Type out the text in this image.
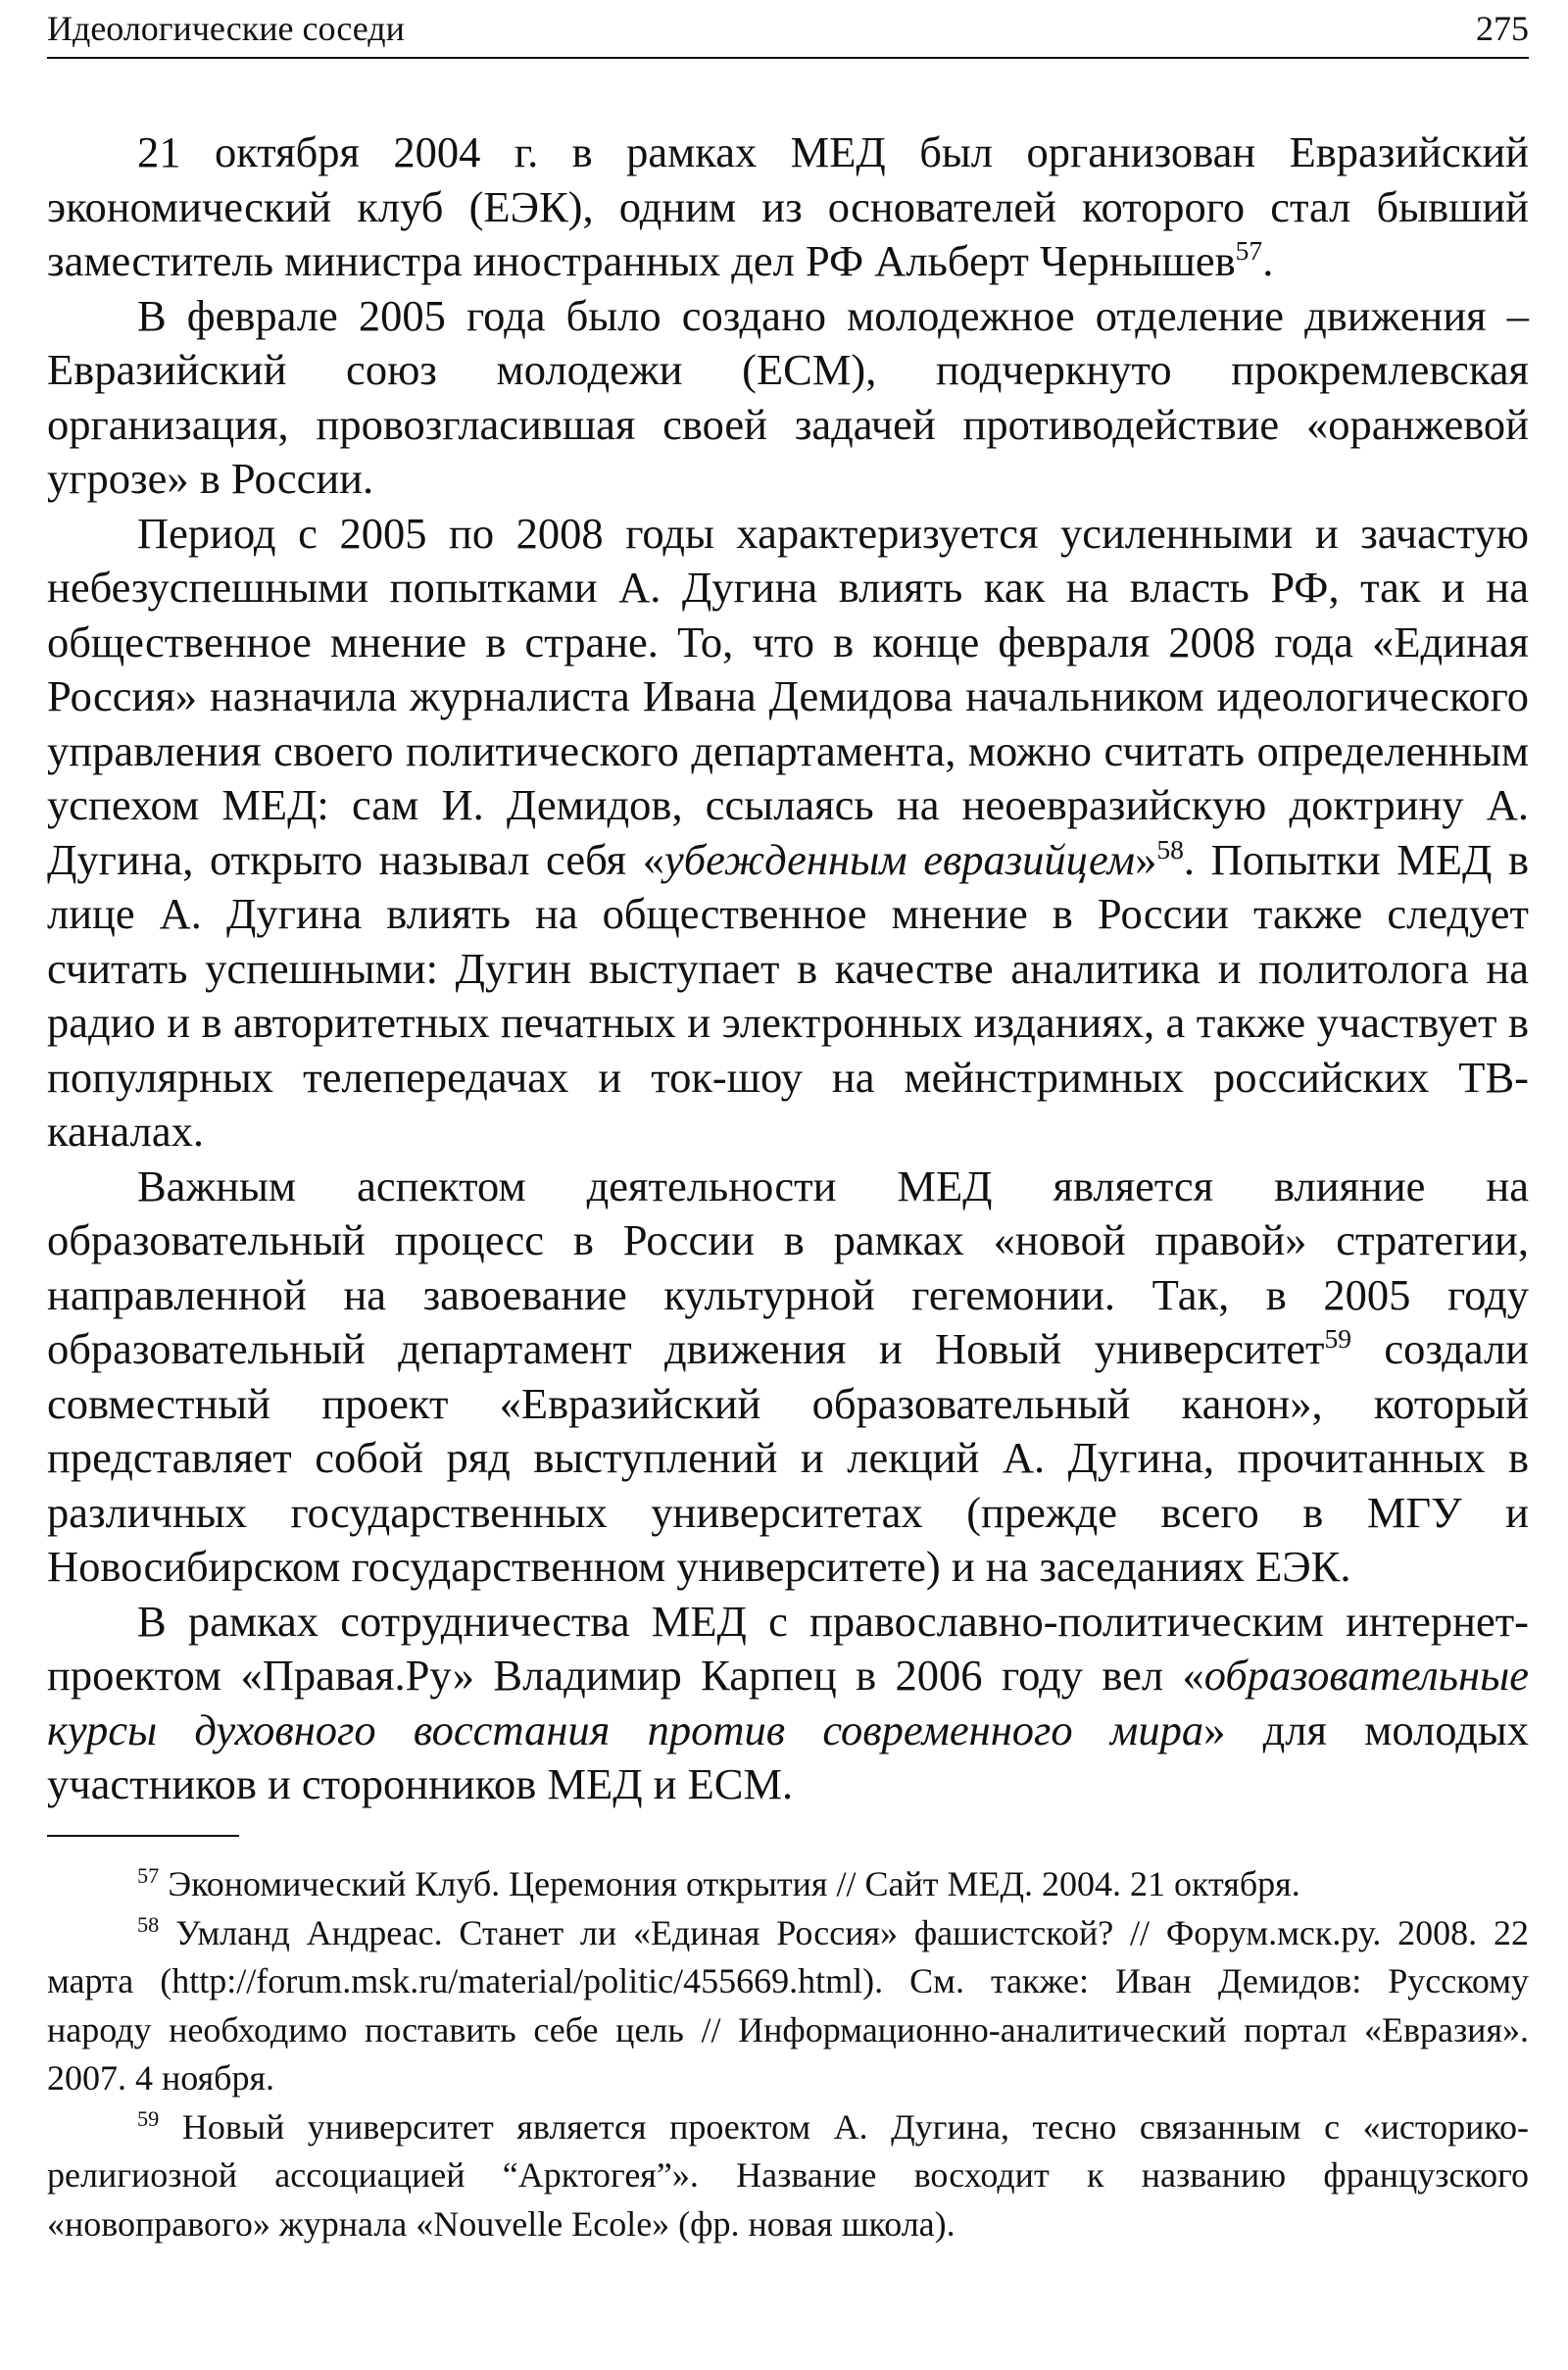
Идеологические соседи	275

21 октября 2004 г. в рамках МЕД был организован Евразийский экономический клуб (ЕЭК), одним из основателей которого стал бывший заместитель министра иностранных дел РФ Альберт Чернышев$^{57}$.

В феврале 2005 года было создано молодежное отделение движения – Евразийский союз молодежи (ЕСМ), подчеркнуто прокремлевская организация, провозгласившая своей задачей противодействие «оранжевой угрозе» в России.

Период с 2005 по 2008 годы характеризуется усиленными и зачастую небезуспешными попытками А. Дугина влиять как на власть РФ, так и на общественное мнение в стране. То, что в конце февраля 2008 года «Единая Россия» назначила журналиста Ивана Демидова начальником идеологического управления своего политического департамента, можно считать определенным успехом МЕД: сам И. Демидов, ссылаясь на неоевразийскую доктрину А. Дугина, открыто называл себя «убежденным евразийцем»$^{58}$. Попытки МЕД в лице А. Дугина влиять на общественное мнение в России также следует считать успешными: Дугин выступает в качестве аналитика и политолога на радио и в авторитетных печатных и электронных изданиях, а также участвует в популярных телепередачах и ток-шоу на мейнстримных российских ТВ-каналах.

Важным аспектом деятельности МЕД является влияние на образовательный процесс в России в рамках «новой правой» стратегии, направленной на завоевание культурной гегемонии. Так, в 2005 году образовательный департамент движения и Новый университет$^{59}$ создали совместный проект «Евразийский образовательный канон», который представляет собой ряд выступлений и лекций А. Дугина, прочитанных в различных государственных университетах (прежде всего в МГУ и Новосибирском государственном университете) и на заседаниях ЕЭК.

В рамках сотрудничества МЕД с православно-политическим интернет-проектом «Правая.Ру» Владимир Карпец в 2006 году вел «образовательные курсы духовного восстания против современного мира» для молодых участников и сторонников МЕД и ЕСМ.

$^{57}$ Экономический Клуб. Церемония открытия // Сайт МЕД. 2004. 21 октября.

$^{58}$ Умланд Андреас. Станет ли «Единая Россия» фашистской? // Форум.мск.ру. 2008. 22 марта (http://forum.msk.ru/material/politic/455669.html). См. также: Иван Демидов: Русскому народу необходимо поставить себе цель // Информационно-аналитический портал «Евразия». 2007. 4 ноября.

$^{59}$ Новый университет является проектом А. Дугина, тесно связанным с «историко-религиозной ассоциацией “Арктогея”». Название восходит к названию французского «новоправого» журнала «Nouvelle Ecole» (фр. новая школа).
